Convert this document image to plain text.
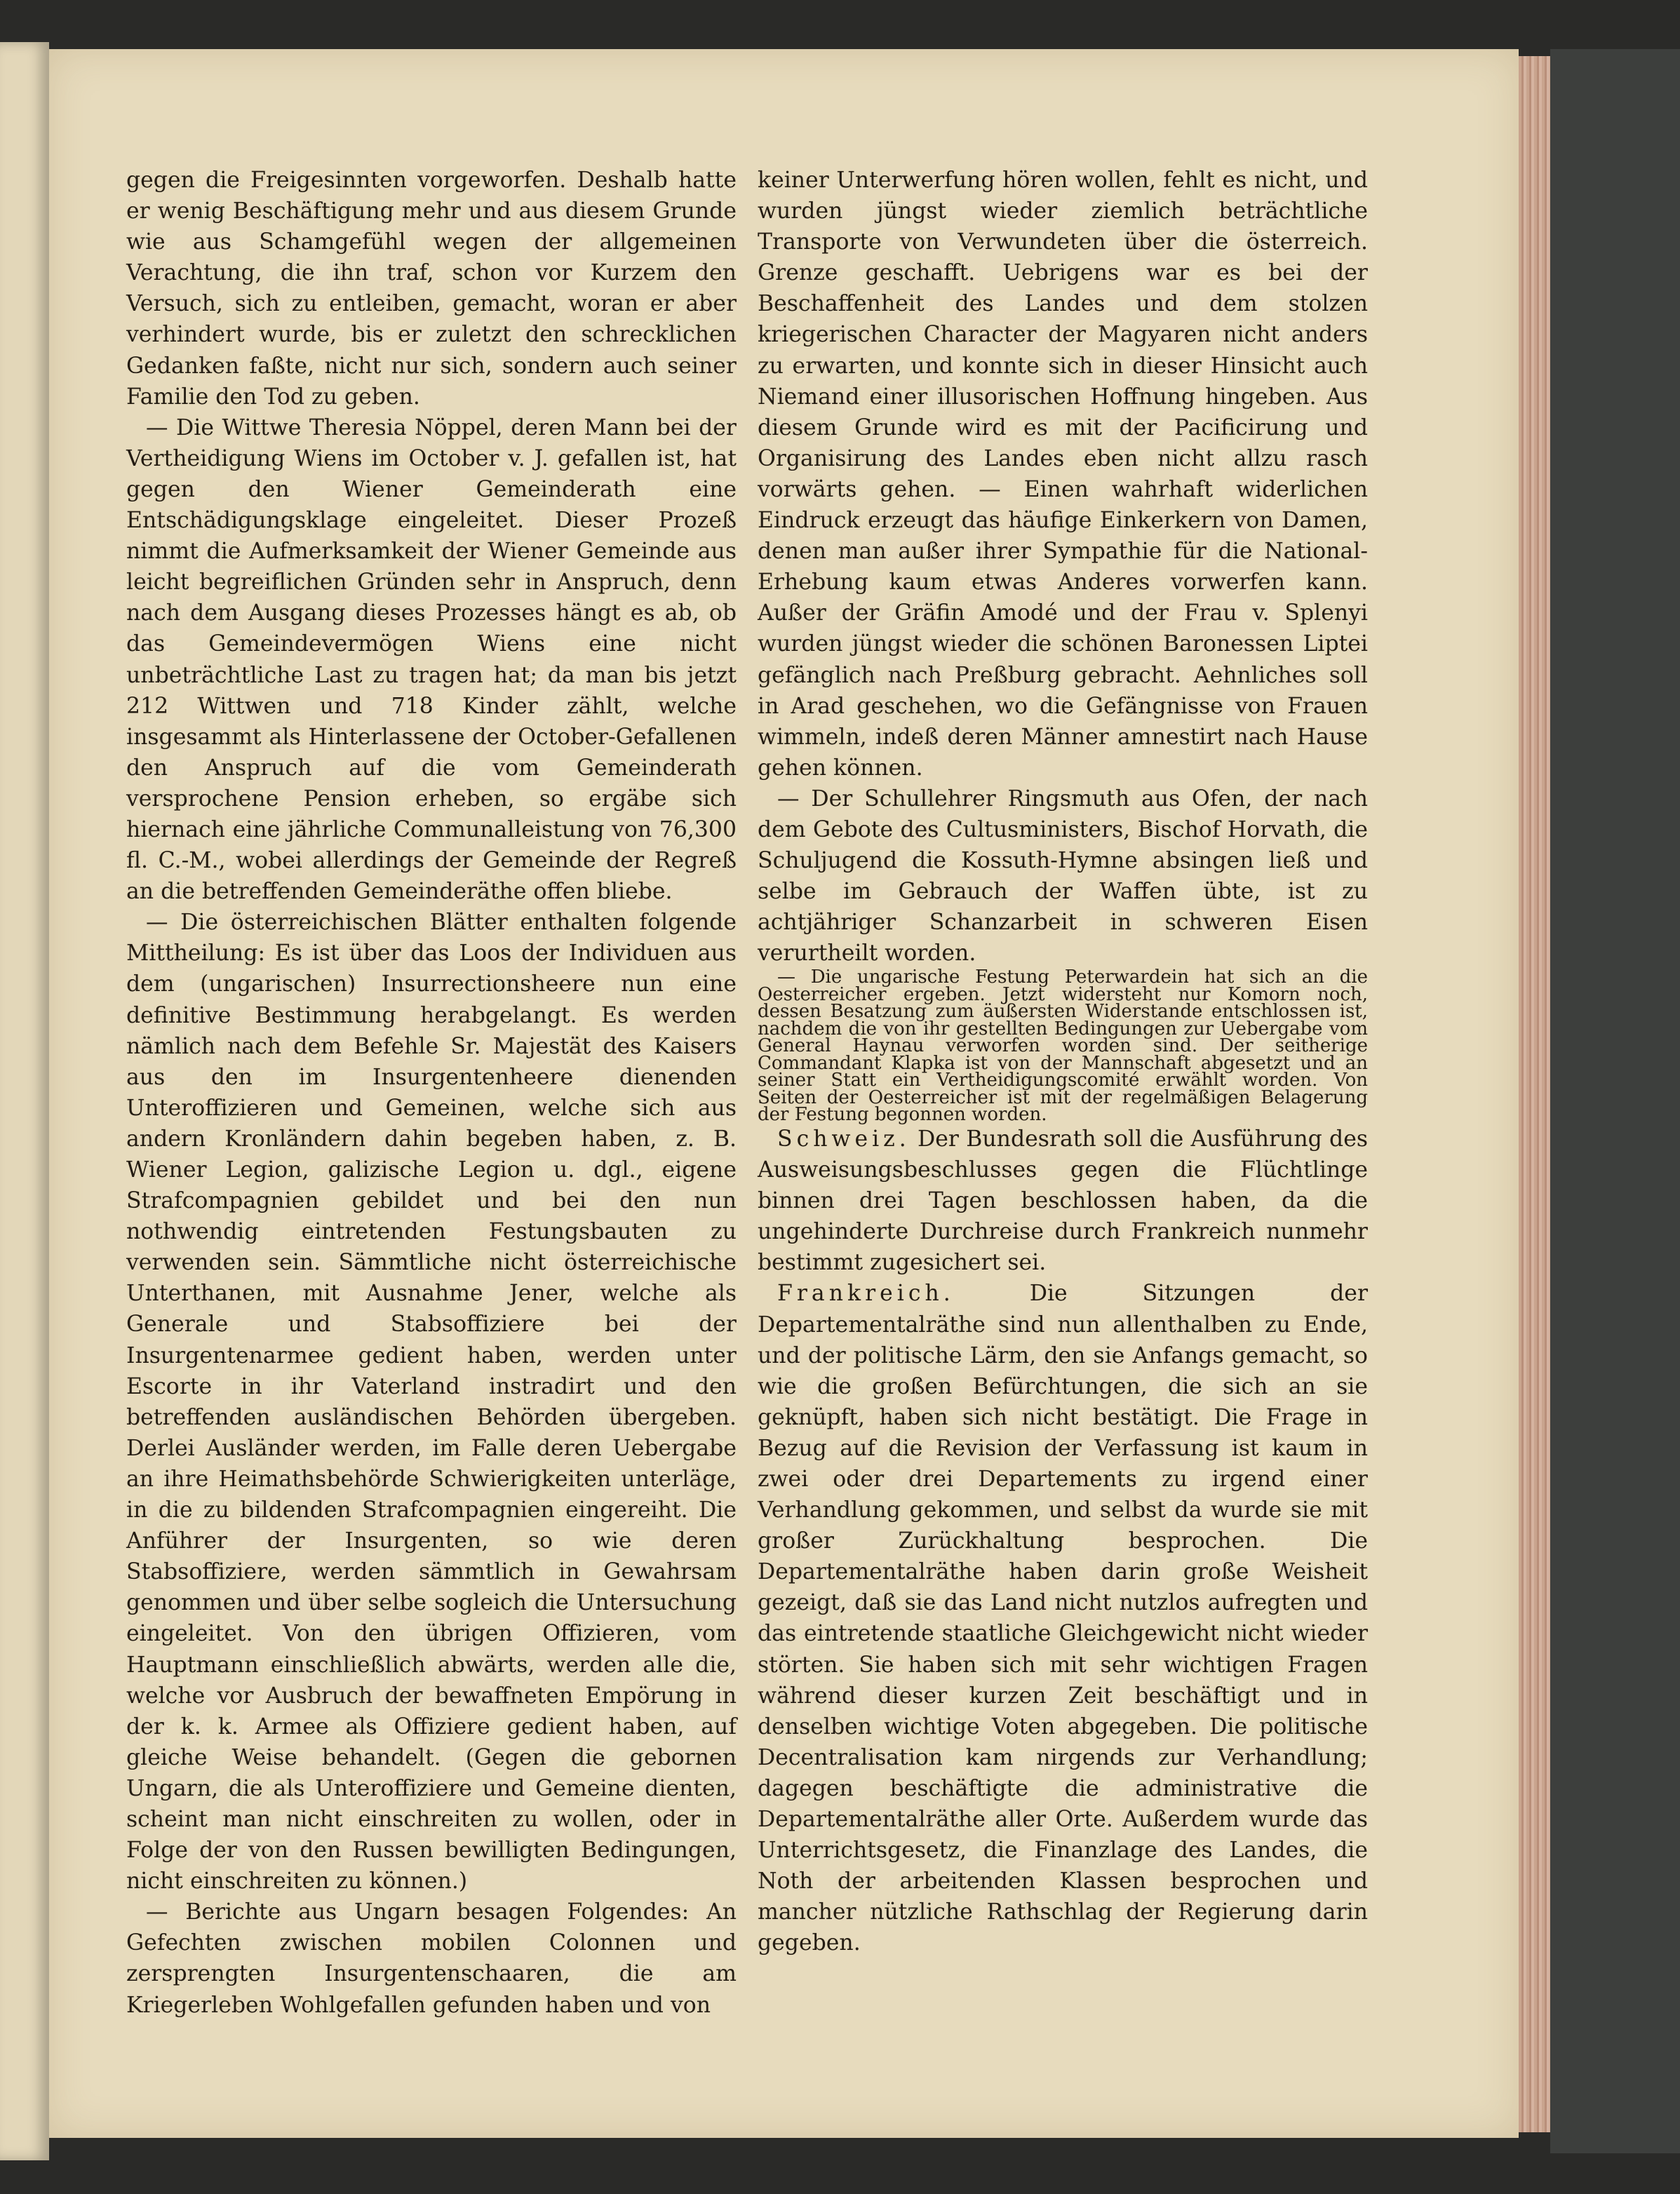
gegen die Freigesinnten vorgeworfen. Deshalb hatte er wenig Beschäftigung mehr und aus diesem Grunde wie aus Schamgefühl wegen der allgemeinen Verachtung, die ihn traf, schon vor Kurzem den Versuch, sich zu entleiben, gemacht, woran er aber verhindert wurde, bis er zuletzt den schrecklichen Gedanken faßte, nicht nur sich, sondern auch seiner Familie den Tod zu geben.

— Die Wittwe Theresia Nöppel, deren Mann bei der Vertheidigung Wiens im October v. J. gefallen ist, hat gegen den Wiener Gemeinderath eine Entschädigungsklage eingeleitet. Dieser Prozeß nimmt die Aufmerksamkeit der Wiener Gemeinde aus leicht begreiflichen Gründen sehr in Anspruch, denn nach dem Ausgang dieses Prozesses hängt es ab, ob das Gemeindevermögen Wiens eine nicht unbeträchtliche Last zu tragen hat; da man bis jetzt 212 Wittwen und 718 Kinder zählt, welche insgesammt als Hinterlassene der October-Gefallenen den Anspruch auf die vom Gemeinderath versprochene Pension erheben, so ergäbe sich hiernach eine jährliche Communalleistung von 76,300 fl. C.-M., wobei allerdings der Gemeinde der Regreß an die betreffenden Gemeinderäthe offen bliebe.

— Die österreichischen Blätter enthalten folgende Mittheilung: Es ist über das Loos der Individuen aus dem (ungarischen) Insurrectionsheere nun eine definitive Bestimmung herabgelangt. Es werden nämlich nach dem Befehle Sr. Majestät des Kaisers aus den im Insurgentenheere dienenden Unteroffizieren und Gemeinen, welche sich aus andern Kronländern dahin begeben haben, z. B. Wiener Legion, galizische Legion u. dgl., eigene Strafcompagnien gebildet und bei den nun nothwendig eintretenden Festungsbauten zu verwenden sein. Sämmtliche nicht österreichische Unterthanen, mit Ausnahme Jener, welche als Generale und Stabsoffiziere bei der Insurgentenarmee gedient haben, werden unter Escorte in ihr Vaterland instradirt und den betreffenden ausländischen Behörden übergeben. Derlei Ausländer werden, im Falle deren Uebergabe an ihre Heimathsbehörde Schwierigkeiten unterläge, in die zu bildenden Strafcompagnien eingereiht. Die Anführer der Insurgenten, so wie deren Stabsoffiziere, werden sämmtlich in Gewahrsam genommen und über selbe sogleich die Untersuchung eingeleitet. Von den übrigen Offizieren, vom Hauptmann einschließlich abwärts, werden alle die, welche vor Ausbruch der bewaffneten Empörung in der k. k. Armee als Offiziere gedient haben, auf gleiche Weise behandelt. (Gegen die gebornen Ungarn, die als Unteroffiziere und Gemeine dienten, scheint man nicht einschreiten zu wollen, oder in Folge der von den Russen bewilligten Bedingungen, nicht einschreiten zu können.)

— Berichte aus Ungarn besagen Folgendes: An Gefechten zwischen mobilen Colonnen und zersprengten Insurgentenschaaren, die am Kriegerleben Wohlgefallen gefunden haben und von

keiner Unterwerfung hören wollen, fehlt es nicht, und wurden jüngst wieder ziemlich beträchtliche Transporte von Verwundeten über die österreich. Grenze geschafft. Uebrigens war es bei der Beschaffenheit des Landes und dem stolzen kriegerischen Character der Magyaren nicht anders zu erwarten, und konnte sich in dieser Hinsicht auch Niemand einer illusorischen Hoffnung hingeben. Aus diesem Grunde wird es mit der Pacificirung und Organisirung des Landes eben nicht allzu rasch vorwärts gehen. — Einen wahrhaft widerlichen Eindruck erzeugt das häufige Einkerkern von Damen, denen man außer ihrer Sympathie für die National-Erhebung kaum etwas Anderes vorwerfen kann. Außer der Gräfin Amodé und der Frau v. Splenyi wurden jüngst wieder die schönen Baronessen Liptei gefänglich nach Preßburg gebracht. Aehnliches soll in Arad geschehen, wo die Gefängnisse von Frauen wimmeln, indeß deren Männer amnestirt nach Hause gehen können.

— Der Schullehrer Ringsmuth aus Ofen, der nach dem Gebote des Cultusministers, Bischof Horvath, die Schuljugend die Kossuth-Hymne absingen ließ und selbe im Gebrauch der Waffen übte, ist zu achtjähriger Schanzarbeit in schweren Eisen verurtheilt worden.

— Die ungarische Festung Peterwardein hat sich an die Oesterreicher ergeben. Jetzt widersteht nur Komorn noch, dessen Besatzung zum äußersten Widerstande entschlossen ist, nachdem die von ihr gestellten Bedingungen zur Uebergabe vom General Haynau verworfen worden sind. Der seitherige Commandant Klapka ist von der Mannschaft abgesetzt und an seiner Statt ein Vertheidigungscomité erwählt worden. Von Seiten der Oesterreicher ist mit der regelmäßigen Belagerung der Festung begonnen worden.

Schweiz. Der Bundesrath soll die Ausführung des Ausweisungsbeschlusses gegen die Flüchtlinge binnen drei Tagen beschlossen haben, da die ungehinderte Durchreise durch Frankreich nunmehr bestimmt zugesichert sei.

Frankreich. Die Sitzungen der Departementalräthe sind nun allenthalben zu Ende, und der politische Lärm, den sie Anfangs gemacht, so wie die großen Befürchtungen, die sich an sie geknüpft, haben sich nicht bestätigt. Die Frage in Bezug auf die Revision der Verfassung ist kaum in zwei oder drei Departements zu irgend einer Verhandlung gekommen, und selbst da wurde sie mit großer Zurückhaltung besprochen. Die Departementalräthe haben darin große Weisheit gezeigt, daß sie das Land nicht nutzlos aufregten und das eintretende staatliche Gleichgewicht nicht wieder störten. Sie haben sich mit sehr wichtigen Fragen während dieser kurzen Zeit beschäftigt und in denselben wichtige Voten abgegeben. Die politische Decentralisation kam nirgends zur Verhandlung; dagegen beschäftigte die administrative die Departementalräthe aller Orte. Außerdem wurde das Unterrichtsgesetz, die Finanzlage des Landes, die Noth der arbeitenden Klassen besprochen und mancher nützliche Rathschlag der Regierung darin gegeben.
